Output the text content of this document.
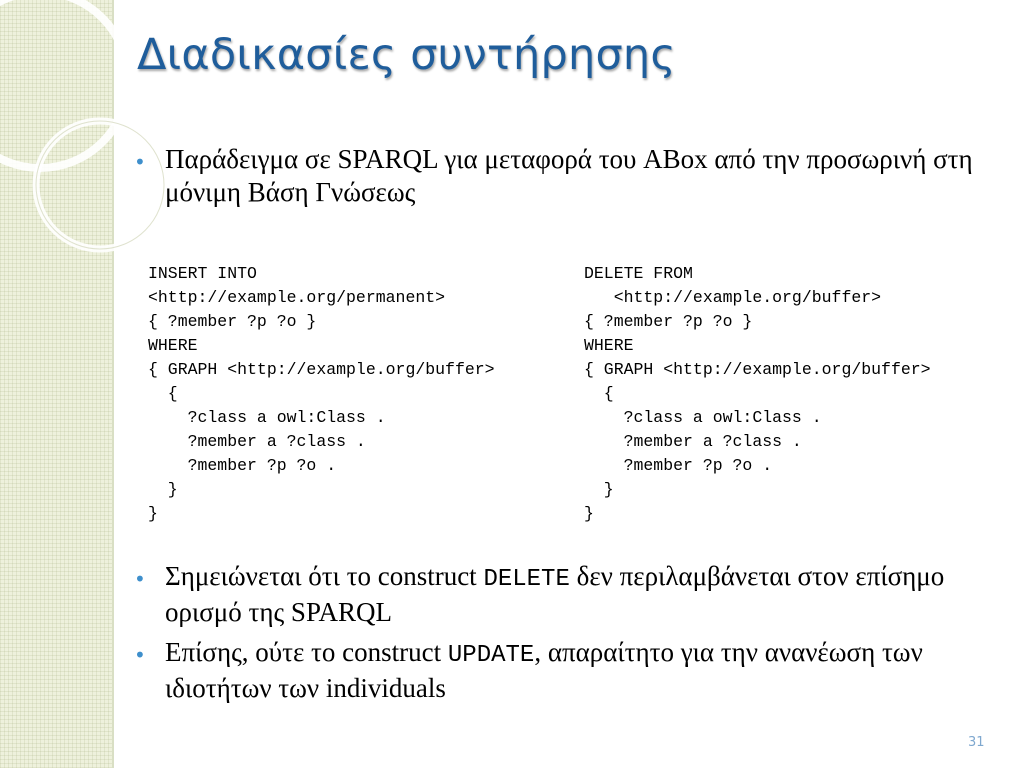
Διαδικασίες συντήρησης
• Παράδειγμα σε SPARQL για μεταφορά του ABox από την προσωρινή στη μόνιμη Βάση Γνώσεως
INSERT INTO
<http://example.org/permanent>
{ ?member ?p ?o }
WHERE
{ GRAPH <http://example.org/buffer>
{
?class a owl:Class .
?member a ?class .
?member ?p ?o .
}
}
DELETE FROM
<http://example.org/buffer>
{ ?member ?p ?o }
WHERE
{ GRAPH <http://example.org/buffer>
{
?class a owl:Class .
?member a ?class .
?member ?p ?o .
}
}
• Σημειώνεται ότι το construct DELETE δεν περιλαμβάνεται στον επίσημο ορισμό της SPARQL
• Επίσης, ούτε το construct UPDATE, απαραίτητο για την ανανέωση των ιδιοτήτων των individuals
31
